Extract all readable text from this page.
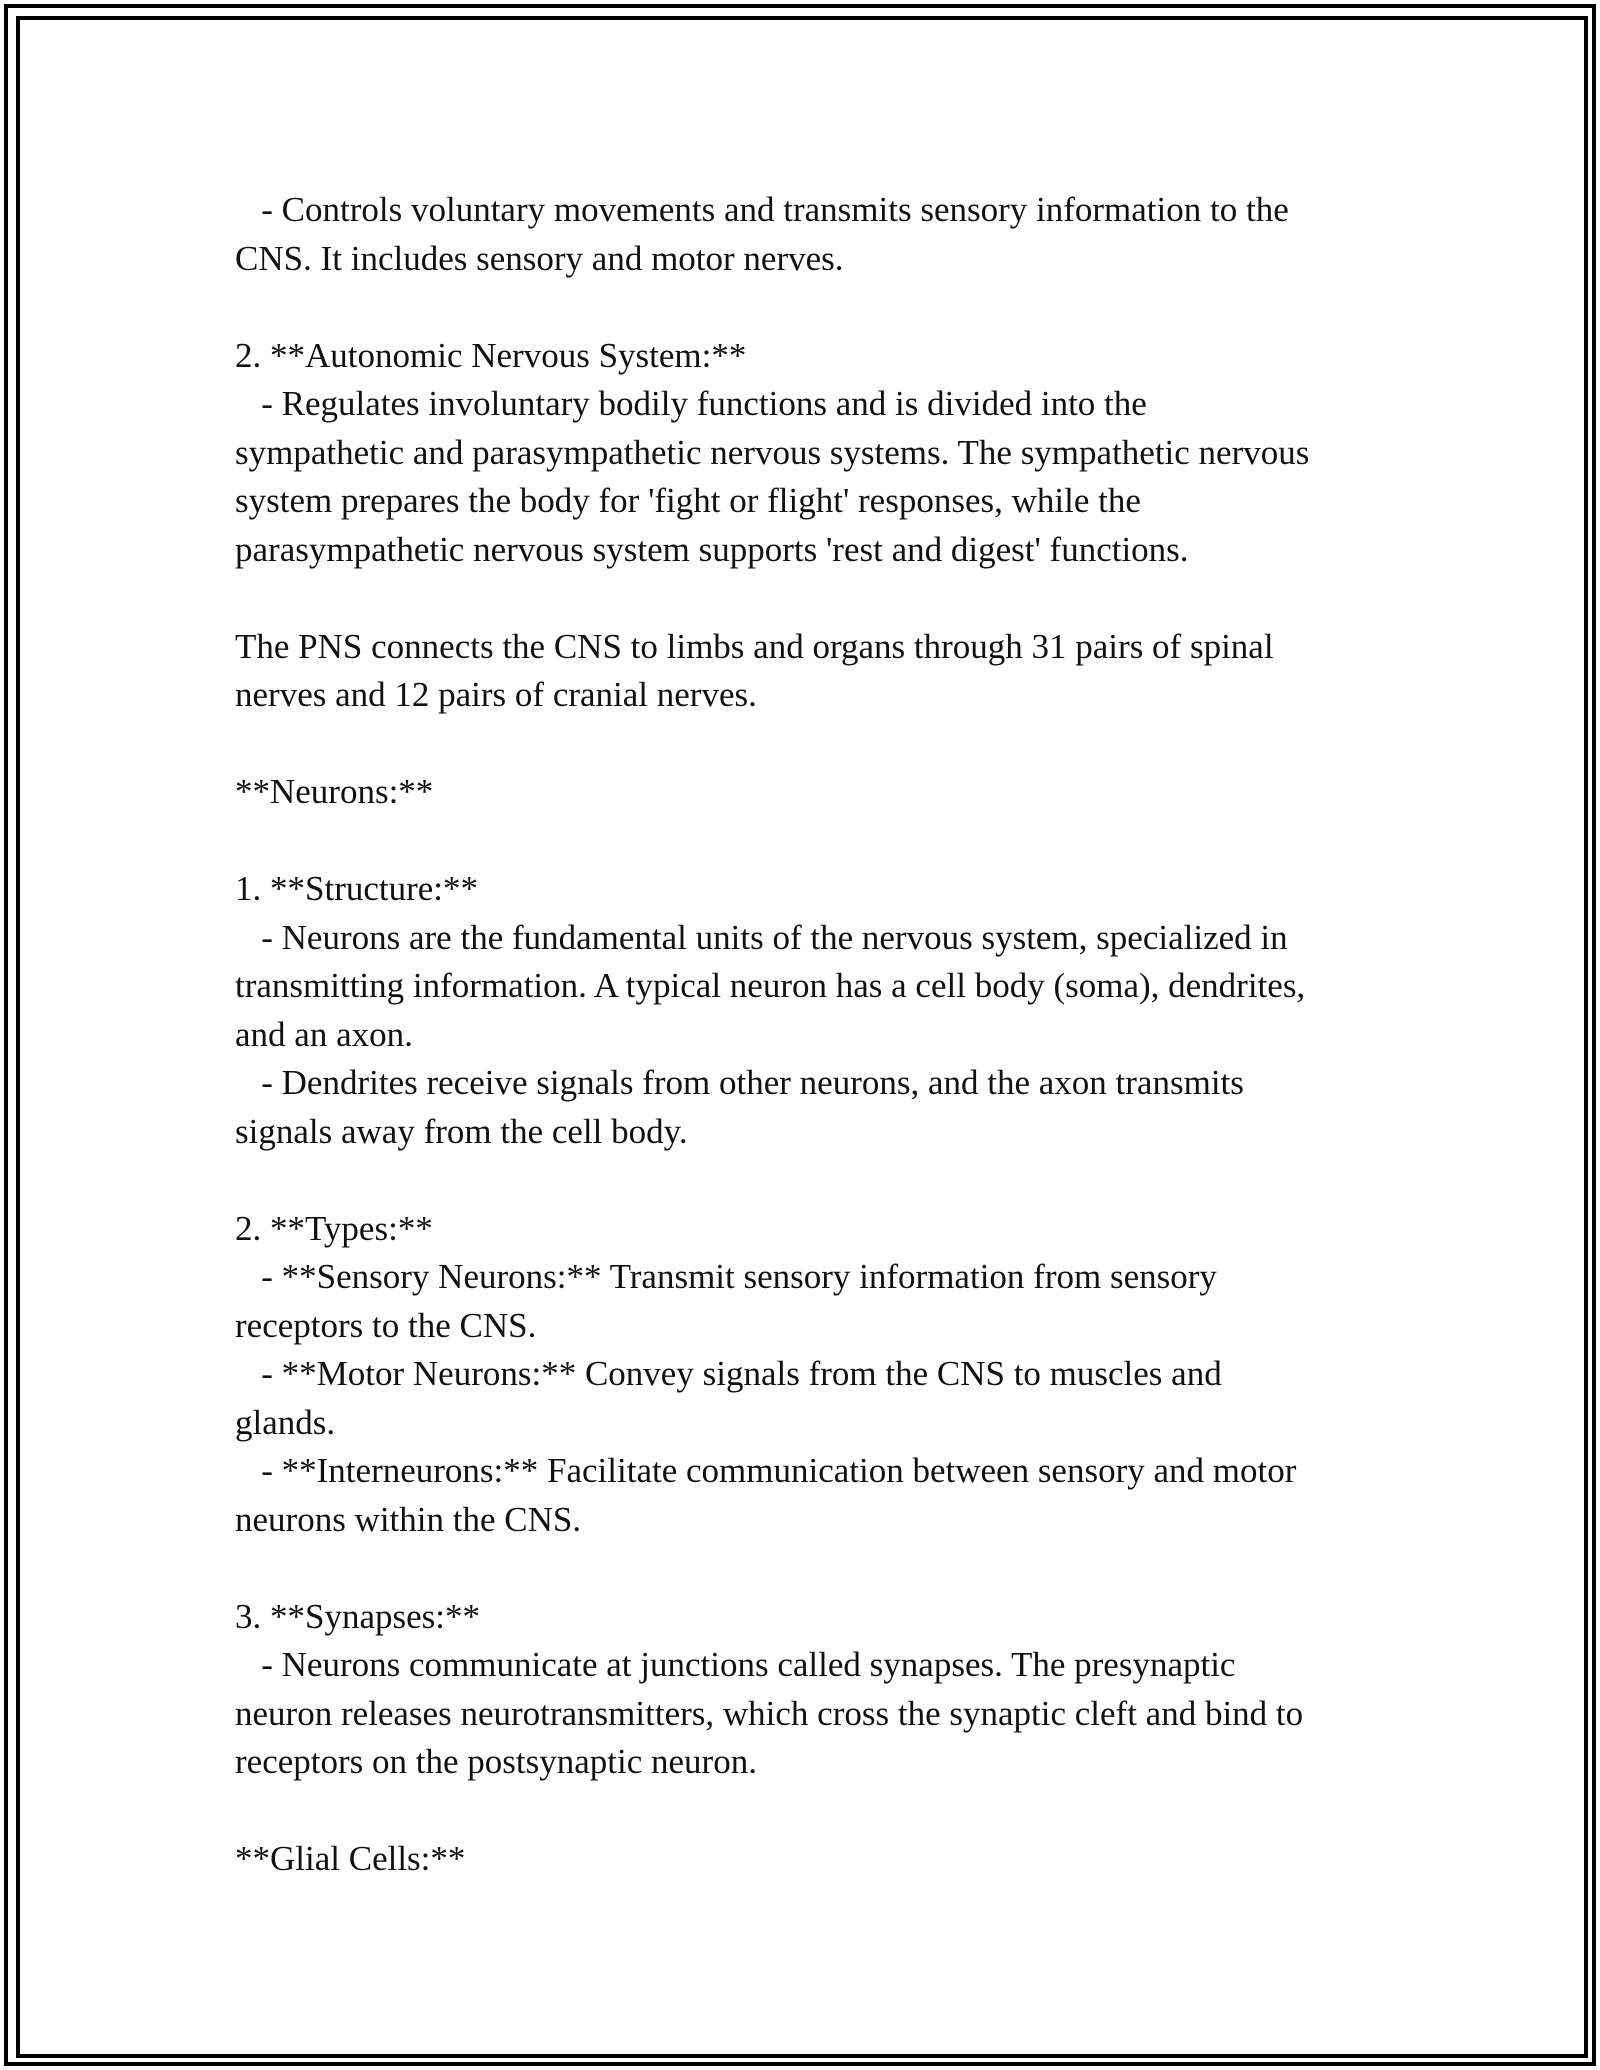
- Controls voluntary movements and transmits sensory information to the
CNS. It includes sensory and motor nerves.
2. **Autonomic Nervous System:**
- Regulates involuntary bodily functions and is divided into the
sympathetic and parasympathetic nervous systems. The sympathetic nervous
system prepares the body for 'fight or flight' responses, while the
parasympathetic nervous system supports 'rest and digest' functions.
The PNS connects the CNS to limbs and organs through 31 pairs of spinal
nerves and 12 pairs of cranial nerves.
**Neurons:**
1. **Structure:**
- Neurons are the fundamental units of the nervous system, specialized in
transmitting information. A typical neuron has a cell body (soma), dendrites,
and an axon.
- Dendrites receive signals from other neurons, and the axon transmits
signals away from the cell body.
2. **Types:**
- **Sensory Neurons:** Transmit sensory information from sensory
receptors to the CNS.
- **Motor Neurons:** Convey signals from the CNS to muscles and
glands.
- **Interneurons:** Facilitate communication between sensory and motor
neurons within the CNS.
3. **Synapses:**
- Neurons communicate at junctions called synapses. The presynaptic
neuron releases neurotransmitters, which cross the synaptic cleft and bind to
receptors on the postsynaptic neuron.
**Glial Cells:**
